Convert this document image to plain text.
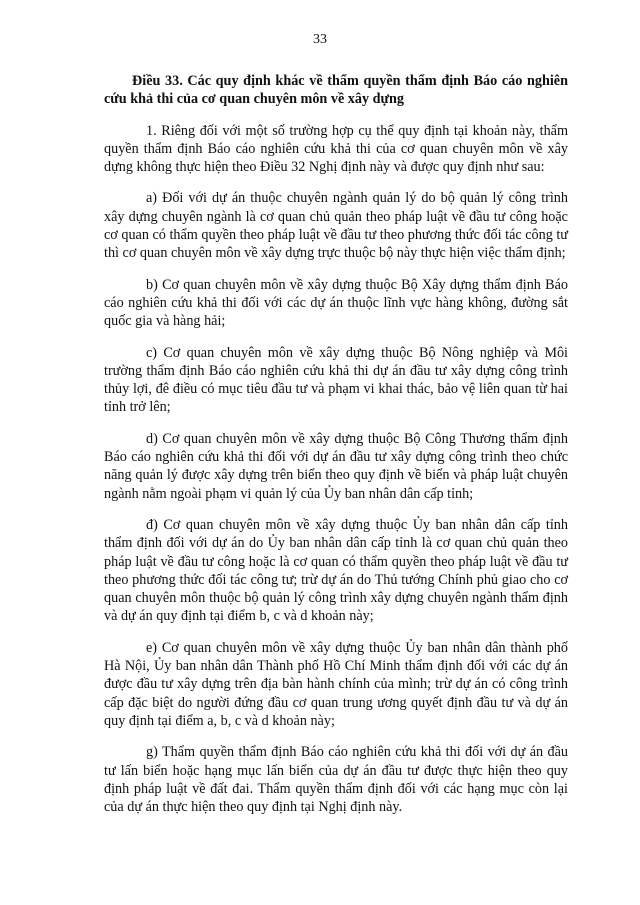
33

Điều 33. Các quy định khác về thẩm quyền thẩm định Báo cáo nghiên cứu khả thi của cơ quan chuyên môn về xây dựng

1. Riêng đối với một số trường hợp cụ thể quy định tại khoản này, thẩm quyền thẩm định Báo cáo nghiên cứu khả thi của cơ quan chuyên môn về xây dựng không thực hiện theo Điều 32 Nghị định này và được quy định như sau:

a) Đối với dự án thuộc chuyên ngành quản lý do bộ quản lý công trình xây dựng chuyên ngành là cơ quan chủ quản theo pháp luật về đầu tư công hoặc cơ quan có thẩm quyền theo pháp luật về đầu tư theo phương thức đối tác công tư thì cơ quan chuyên môn về xây dựng trực thuộc bộ này thực hiện việc thẩm định;

b) Cơ quan chuyên môn về xây dựng thuộc Bộ Xây dựng thẩm định Báo cáo nghiên cứu khả thi đối với các dự án thuộc lĩnh vực hàng không, đường sắt quốc gia và hàng hải;

c) Cơ quan chuyên môn về xây dựng thuộc Bộ Nông nghiệp và Môi trường thẩm định Báo cáo nghiên cứu khả thi dự án đầu tư xây dựng công trình thủy lợi, đê điều có mục tiêu đầu tư và phạm vi khai thác, bảo vệ liên quan từ hai tỉnh trở lên;

d) Cơ quan chuyên môn về xây dựng thuộc Bộ Công Thương thẩm định Báo cáo nghiên cứu khả thi đối với dự án đầu tư xây dựng công trình theo chức năng quản lý được xây dựng trên biển theo quy định về biển và pháp luật chuyên ngành nằm ngoài phạm vi quản lý của Ủy ban nhân dân cấp tỉnh;

đ) Cơ quan chuyên môn về xây dựng thuộc Ủy ban nhân dân cấp tỉnh thẩm định đối với dự án do Ủy ban nhân dân cấp tỉnh là cơ quan chủ quản theo pháp luật về đầu tư công hoặc là cơ quan có thẩm quyền theo pháp luật về đầu tư theo phương thức đối tác công tư; trừ dự án do Thủ tướng Chính phủ giao cho cơ quan chuyên môn thuộc bộ quản lý công trình xây dựng chuyên ngành thẩm định và dự án quy định tại điểm b, c và d khoản này;

e) Cơ quan chuyên môn về xây dựng thuộc Ủy ban nhân dân thành phố Hà Nội, Ủy ban nhân dân Thành phố Hồ Chí Minh thẩm định đối với các dự án được đầu tư xây dựng trên địa bàn hành chính của mình; trừ dự án có công trình cấp đặc biệt do người đứng đầu cơ quan trung ương quyết định đầu tư và dự án quy định tại điểm a, b, c và d khoản này;

g) Thẩm quyền thẩm định Báo cáo nghiên cứu khả thi đối với dự án đầu tư lấn biển hoặc hạng mục lấn biển của dự án đầu tư được thực hiện theo quy định pháp luật về đất đai. Thẩm quyền thẩm định đối với các hạng mục còn lại của dự án thực hiện theo quy định tại Nghị định này.
